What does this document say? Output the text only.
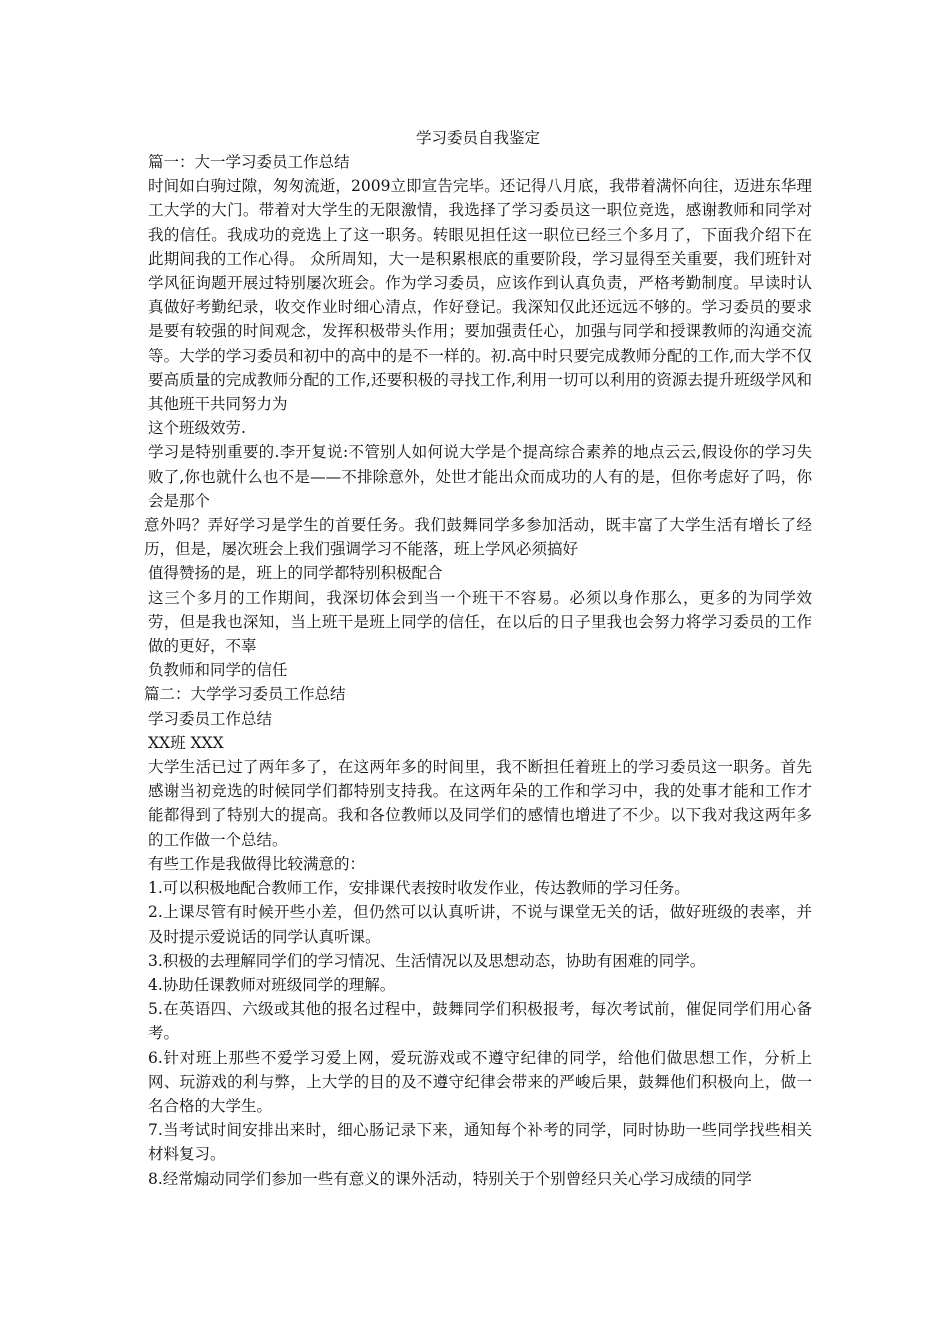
学习委员自我鉴定

篇一：大一学习委员工作总结

时间如白驹过隙，匆匆流逝，2009立即宣告完毕。还记得八月底，我带着满怀向往，迈进东华理工大学的大门。带着对大学生的无限激情，我选择了学习委员这一职位竞选，感谢教师和同学对我的信任。我成功的竞选上了这一职务。转眼见担任这一职位已经三个多月了，下面我介绍下在此期间我的工作心得。 众所周知，大一是积累根底的重要阶段，学习显得至关重要，我们班针对学风征询题开展过特别屡次班会。作为学习委员，应该作到认真负责，严格考勤制度。早读时认真做好考勤纪录，收交作业时细心清点，作好登记。我深知仅此还远远不够的。学习委员的要求是要有较强的时间观念，发挥积极带头作用；要加强责任心，加强与同学和授课教师的沟通交流等。大学的学习委员和初中的高中的是不一样的。初.高中时只要完成教师分配的工作,而大学不仅要高质量的完成教师分配的工作,还要积极的寻找工作,利用一切可以利用的资源去提升班级学风和其他班干共同努力为

这个班级效劳.

学习是特别重要的.李开复说:不管别人如何说大学是个提高综合素养的地点云云,假设你的学习失败了,你也就什么也不是——不排除意外，处世才能出众而成功的人有的是，但你考虑好了吗，你会是那个

意外吗？弄好学习是学生的首要任务。我们鼓舞同学多参加活动，既丰富了大学生活有增长了经历，但是，屡次班会上我们强调学习不能落，班上学风必须搞好

值得赞扬的是，班上的同学都特别积极配合

这三个多月的工作期间，我深切体会到当一个班干不容易。必须以身作那么，更多的为同学效劳，但是我也深知，当上班干是班上同学的信任，在以后的日子里我也会努力将学习委员的工作做的更好，不辜

负教师和同学的信任

篇二：大学学习委员工作总结

学习委员工作总结

XX班 XXX

大学生活已过了两年多了，在这两年多的时间里，我不断担任着班上的学习委员这一职务。首先感谢当初竞选的时候同学们都特别支持我。在这两年朵的工作和学习中，我的处事才能和工作才能都得到了特别大的提高。我和各位教师以及同学们的感情也增进了不少。以下我对我这两年多的工作做一个总结。

有些工作是我做得比较满意的：

1.可以积极地配合教师工作，安排课代表按时收发作业，传达教师的学习任务。

2.上课尽管有时候开些小差，但仍然可以认真听讲，不说与课堂无关的话，做好班级的表率，并及时提示爱说话的同学认真听课。

3.积极的去理解同学们的学习情况、生活情况以及思想动态，协助有困难的同学。

4.协助任课教师对班级同学的理解。

5.在英语四、六级或其他的报名过程中，鼓舞同学们积极报考，每次考试前，催促同学们用心备考。

6.针对班上那些不爱学习爱上网，爱玩游戏或不遵守纪律的同学，给他们做思想工作，分析上网、玩游戏的利与弊，上大学的目的及不遵守纪律会带来的严峻后果，鼓舞他们积极向上，做一名合格的大学生。

7.当考试时间安排出来时，细心肠记录下来，通知每个补考的同学，同时协助一些同学找些相关材料复习。

8.经常煽动同学们参加一些有意义的课外活动，特别关于个别曾经只关心学习成绩的同学
